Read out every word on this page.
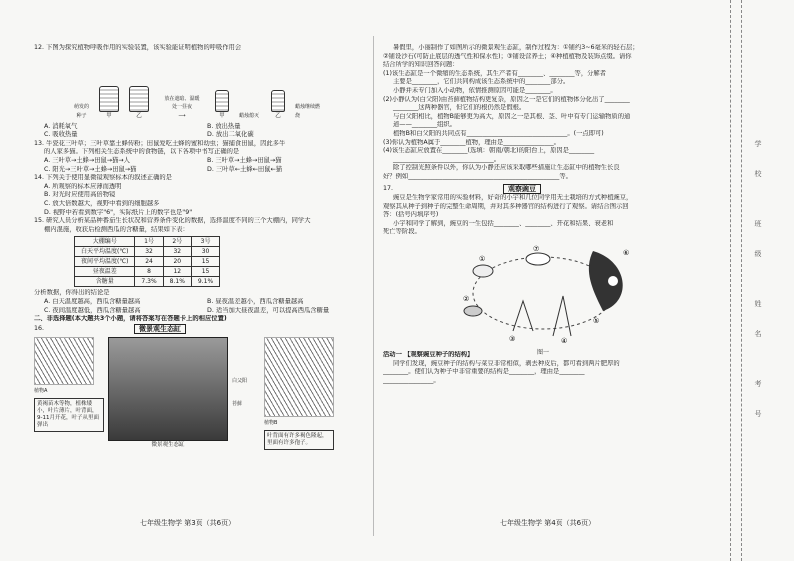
12. 下图为探究植物呼吸作用的实验装置，该实验能证明植物的呼吸作用会
萌发的
种子	甲	乙
放在遮暗、温暖
处一昼夜
⟶	甲	蜡烛熄灭	乙
蜡烛继续燃烧
A. 消耗氧气	B. 放出热量
C. 吸收热量	D. 放出二氧化碳
13. 牛瓷花三叶草；三叶草靠土蜂传粉；田鼠爱吃土蜂的蜜和幼虫；猫捕食田鼠，因此多牛
的人家多猫。下列相关生态系统中的食物链，以下各项中书写正确的是
A. 三叶草→土蜂→田鼠→猫→人	B. 三叶草→土蜂→田鼠→猫
C. 阳光→三叶草→土蜂→田鼠→猫	D. 三叶草←土蜂←田鼠←猫
14. 下列关于使用显微镜观察标本的叙述正确的是
A. 所观察的标本应薄而透明
B. 对光时应使用高倍物镜
C. 放大倍数越大，视野中看到的细胞越多
D. 视野中若看到数字"6"，实际纸片上的数字也是"9"
15. 研究人员分析某品种番茄生长状况和营养条件变化的数据，选择温度不同的三个大棚内，同学大
棚内混施，收获后检测西瓜的含糖量，结果如下表：
大棚编号	1号	2号	3号
白天平均温度(℃)	32	32	30
夜间平均温度(℃)	24	20	15
昼夜温差	8	12	15
含糖量	7.3%	8.1%	9.1%
分析数据，你得出的结论是
A. 白天温度越高，西瓜含糖量越高	B. 昼夜温差越小，西瓜含糖量越高
C. 夜间温度越低，西瓜含糖量越高	D. 适当加大昼夜温差，可以提高西瓜含糖量
二、非选择题(本大题共3个小题，请将答案写在答题卡上的相应位置)
16.	微景观生态缸
植物A
黄褐苗木等物，植株矮小，叶片薄片，叶背面，9-11月开花，叶子从里面弹出
微景观生态缸
白父阳
苔藓
植物B
叶背面有许多褐色隆起，里面有许多孢子。
七年级生物学 第3页（共6页）
暑假里，小丽制作了如图所示的微景观生态缸，制作过程为：①铺约3~6毫米的轻石层；
②铺设沙石(可防止底层的透气性和保水性)；③铺设营养土；④种植植物及装饰点缀。请你
结合所学的知识回答问题：
(1)该生态缸是一个微缩的生态系统，其生产者有________、________等，分解者
主要是________，它们共同构成该生态系统中的________部分。
小静并未专门加入小动物，依情推测原因可能是________。
(2)小静认为(白父阳)由苔藓植物结构更复杂，原因之一是它们的植物体分化出了________
________这两种器官，但它们的根仍然是假根。
与白父阳相比，植物B能够更为高大，原因之一是其根、茎、叶中有专门运输物质的通
道——________组织。
植物B和白父阳的共同点有________________________________。(一点即可)
(3)你认为植物A属于________植物，理由是________________。
(4)该生态缸应放置在________(选填：朝南/朝北)的阳台上，原因是________
________________________________。
除了控制光照条件以外，你认为小静还应该采取哪些措施让生态缸中的植物生长良
好？例如________________________________________________等。
17.	观察豌豆
豌豆是生物学家常用的实验材料，好奇的小宇和几位同学用无土栽培的方式种植豌豆，
观察其从种子到种子的完整生命周期，并对其多种器官的结构进行了观察。请结合图示回
答：(括号内填序号)
小宇和同学了解到，豌豆的一生包括________、________、开花和结果、衰老和
死亡等阶段。
①
②
③	④
⑤
⑥
⑦
图一
活动一 【观察豌豆种子的结构】
同学们发现，豌豆种子的结构与菜豆非常相似，剥去种皮后，都可看到两片肥厚的
________。使们认为种子中非常重要的结构是________，理由是________
________________。
七年级生物学 第4页（共6页）
学
校
班
级
姓
名
考
号
